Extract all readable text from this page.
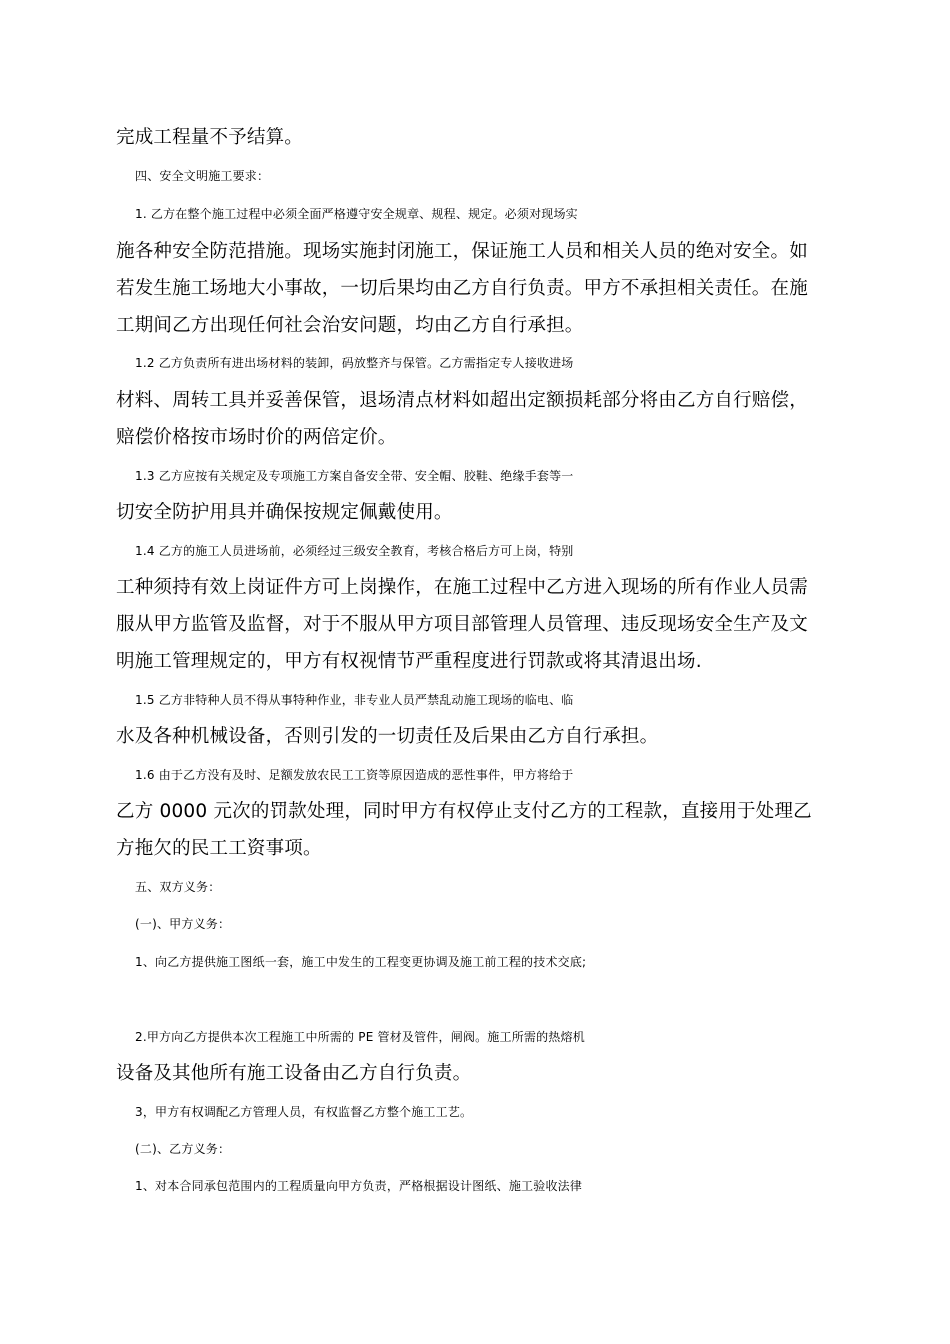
完成工程量不予结算。
四、安全文明施工要求：
1. 乙方在整个施工过程中必须全面严格遵守安全规章、规程、规定。必须对现场实
施各种安全防范措施。现场实施封闭施工，保证施工人员和相关人员的绝对安全。如
若发生施工场地大小事故，一切后果均由乙方自行负责。甲方不承担相关责任。在施
工期间乙方出现任何社会治安问题，均由乙方自行承担。
1.2 乙方负责所有进出场材料的装卸，码放整齐与保管。乙方需指定专人接收进场
材料、周转工具并妥善保管，退场清点材料如超出定额损耗部分将由乙方自行赔偿，
赔偿价格按市场时价的两倍定价。
1.3 乙方应按有关规定及专项施工方案自备安全带、安全帽、胶鞋、绝缘手套等一
切安全防护用具并确保按规定佩戴使用。
1.4 乙方的施工人员进场前，必须经过三级安全教育，考核合格后方可上岗，特别
工种须持有效上岗证件方可上岗操作，在施工过程中乙方进入现场的所有作业人员需
服从甲方监管及监督，对于不服从甲方项目部管理人员管理、违反现场安全生产及文
明施工管理规定的，甲方有权视情节严重程度进行罚款或将其清退出场.
1.5 乙方非特种人员不得从事特种作业，非专业人员严禁乱动施工现场的临电、临
水及各种机械设备，否则引发的一切责任及后果由乙方自行承担。
1.6 由于乙方没有及时、足额发放农民工工资等原因造成的恶性事件，甲方将给于
乙方 0000 元次的罚款处理，同时甲方有权停止支付乙方的工程款，直接用于处理乙
方拖欠的民工工资事项。
五、双方义务：
(一)、甲方义务：
1、向乙方提供施工图纸一套，施工中发生的工程变更协调及施工前工程的技术交底;
2.甲方向乙方提供本次工程施工中所需的 PE 管材及管件，闸阀。施工所需的热熔机
设备及其他所有施工设备由乙方自行负责。
3，甲方有权调配乙方管理人员，有权监督乙方整个施工工艺。
(二)、乙方义务：
1、对本合同承包范围内的工程质量向甲方负责，严格根据设计图纸、施工验收法律
